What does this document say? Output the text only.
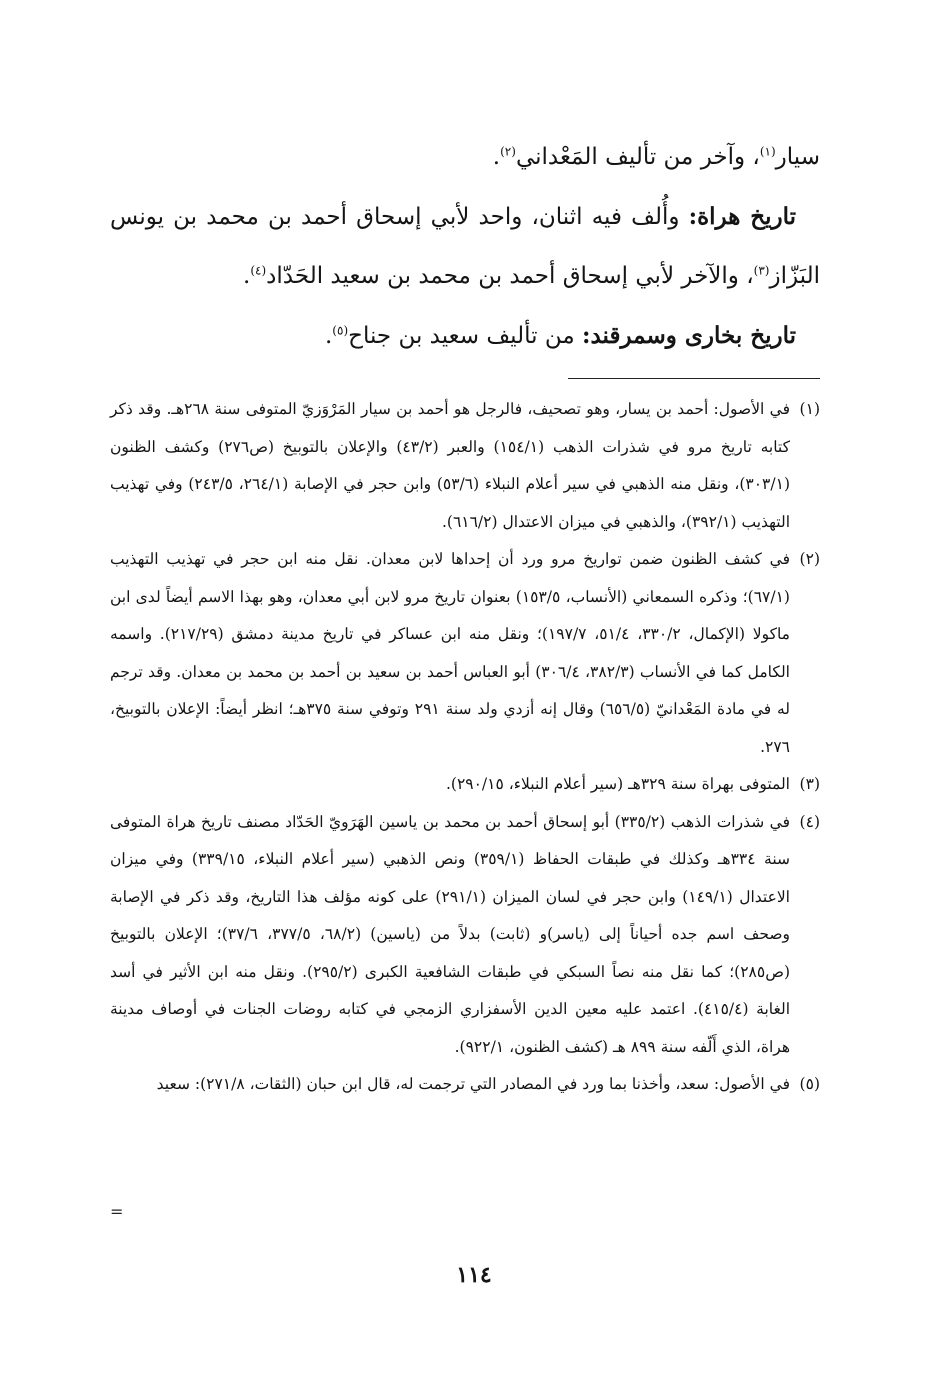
سيار$^{(١)}$، وآخر من تأليف المَعْداني$^{(٢)}$.

تاريخ هراة: وأُلف فيه اثنان، واحد لأبي إسحاق أحمد بن محمد بن يونس البَزّاز$^{(٣)}$، والآخر لأبي إسحاق أحمد بن محمد بن سعيد الحَدّاد$^{(٤)}$.

تاريخ بخارى وسمرقند: من تأليف سعيد بن جناح$^{(٥)}$.

(١)
في الأصول: أحمد بن يسار، وهو تصحيف، فالرجل هو أحمد بن سيار المَرْوَزيّ المتوفى سنة ٢٦٨هـ. وقد ذكر كتابه تاريخ مرو في شذرات الذهب (١٥٤/١) والعبر (٤٣/٢) والإعلان بالتوبيخ (ص٢٧٦) وكشف الظنون (٣٠٣/١)، ونقل منه الذهبي في سير أعلام النبلاء (٥٣/٦) وابن حجر في الإصابة (٢٦٤/١، ٢٤٣/٥) وفي تهذيب التهذيب (٣٩٢/١)، والذهبي في ميزان الاعتدال (٦١٦/٢).

(٢)
في كشف الظنون ضمن تواريخ مرو ورد أن إحداها لابن معدان. نقل منه ابن حجر في تهذيب التهذيب (٦٧/١)؛ وذكره السمعاني (الأنساب، ١٥٣/٥) بعنوان تاريخ مرو لابن أبي معدان، وهو بهذا الاسم أيضاً لدى ابن ماكولا (الإكمال، ٣٣٠/٢، ٥١/٤، ١٩٧/٧)؛ ونقل منه ابن عساكر في تاريخ مدينة دمشق (٢١٧/٢٩). واسمه الكامل كما في الأنساب (٣٨٢/٣، ٣٠٦/٤) أبو العباس أحمد بن سعيد بن أحمد بن محمد بن معدان. وقد ترجم له في مادة المَعْدانيّ (٦٥٦/٥) وقال إنه أزدي ولد سنة ٢٩١ وتوفي سنة ٣٧٥هـ؛ انظر أيضاً: الإعلان بالتوبيخ، ٢٧٦.

(٣)
المتوفى بهراة سنة ٣٢٩هـ (سير أعلام النبلاء، ٢٩٠/١٥).

(٤)
في شذرات الذهب (٣٣٥/٢) أبو إسحاق أحمد بن محمد بن ياسين الهَرَويّ الحَدّاد مصنف تاريخ هراة المتوفى سنة ٣٣٤هـ وكذلك في طبقات الحفاظ (٣٥٩/١) ونص الذهبي (سير أعلام النبلاء، ٣٣٩/١٥) وفي ميزان الاعتدال (١٤٩/١) وابن حجر في لسان الميزان (٢٩١/١) على كونه مؤلف هذا التاريخ، وقد ذكر في الإصابة وصحف اسم جده أحياناً إلى (ياسر)و (ثابت) بدلاً من (ياسين) (٦٨/٢، ٣٧٧/٥، ٣٧/٦)؛ الإعلان بالتوبيخ (ص٢٨٥)؛ كما نقل منه نصاً السبكي في طبقات الشافعية الكبرى (٢٩٥/٢). ونقل منه ابن الأثير في أسد الغابة (٤١٥/٤). اعتمد عليه معين الدين الأسفزاري الزمجي في كتابه روضات الجنات في أوصاف مدينة هراة، الذي أَلّفه سنة ٨٩٩ هـ (كشف الظنون، ٩٢٢/١).

(٥)
في الأصول: سعد، وأخذنا بما ورد في المصادر التي ترجمت له، قال ابن حبان (الثقات، ٢٧١/٨): سعيد

=
١١٤
